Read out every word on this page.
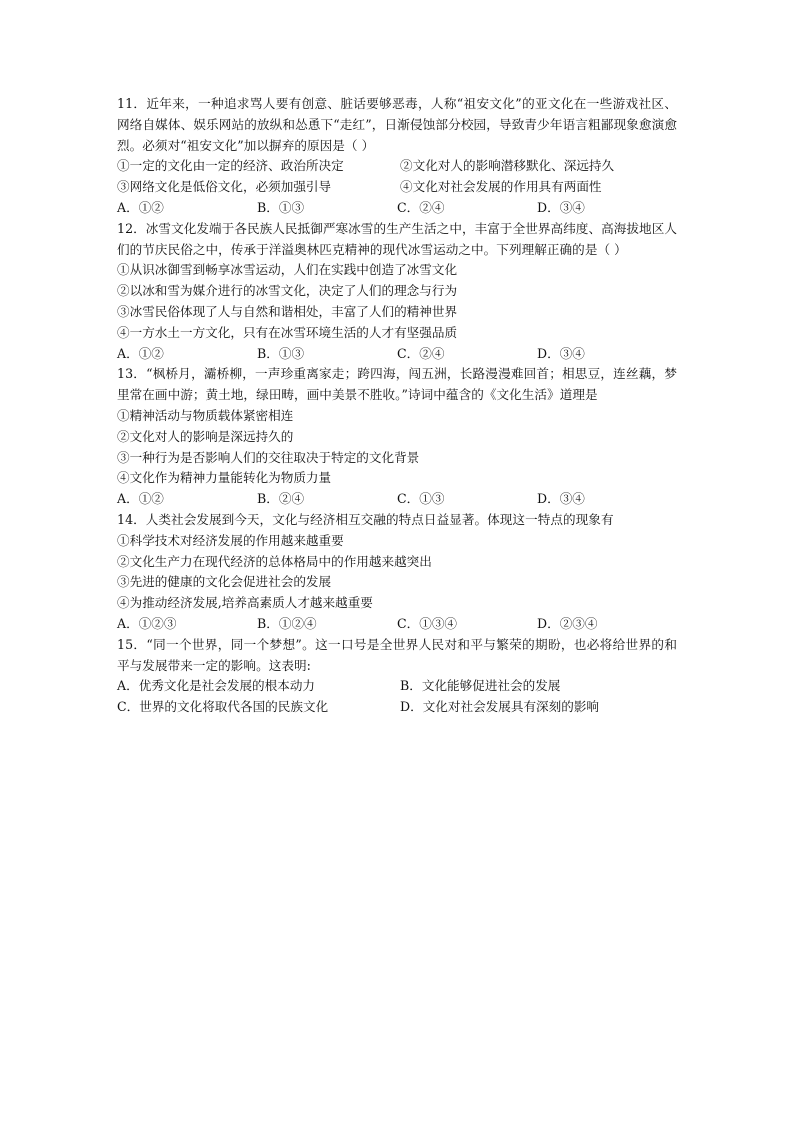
11．近年来，一种追求骂人要有创意、脏话要够恶毒，人称“祖安文化”的亚文化在一些游戏社区、网络自媒体、娱乐网站的放纵和怂恿下“走红”，日渐侵蚀部分校园，导致青少年语言粗鄙现象愈演愈烈。必须对“祖安文化”加以摒弃的原因是（ ）
①一定的文化由一定的经济、政治所决定	②文化对人的影响潜移默化、深远持久
③网络文化是低俗文化，必须加强引导	④文化对社会发展的作用具有两面性
A．①②	B．①③	C．②④	D．③④
12．冰雪文化发端于各民族人民抵御严寒冰雪的生产生活之中，丰富于全世界高纬度、高海拔地区人们的节庆民俗之中，传承于洋溢奥林匹克精神的现代冰雪运动之中。下列理解正确的是（ ）
①从识冰御雪到畅享冰雪运动，人们在实践中创造了冰雪文化
②以冰和雪为媒介进行的冰雪文化，决定了人们的理念与行为
③冰雪民俗体现了人与自然和谐相处，丰富了人们的精神世界
④一方水土一方文化，只有在冰雪环境生活的人才有坚强品质
A．①②	B．①③	C．②④	D．③④
13．“枫桥月，灞桥柳，一声珍重离家走；跨四海，闯五洲，长路漫漫难回首；相思豆，连丝藕，梦里常在画中游；黄土地，绿田畴，画中美景不胜收。”诗词中蕴含的《文化生活》道理是
①精神活动与物质载体紧密相连
②文化对人的影响是深远持久的
③一种行为是否影响人们的交往取决于特定的文化背景
④文化作为精神力量能转化为物质力量
A．①②	B．②④	C．①③	D．③④
14．人类社会发展到今天，文化与经济相互交融的特点日益显著。体现这一特点的现象有
①科学技术对经济发展的作用越来越重要
②文化生产力在现代经济的总体格局中的作用越来越突出
③先进的健康的文化会促进社会的发展
④为推动经济发展,培养高素质人才越来越重要
A．①②③	B．①②④	C．①③④	D．②③④
15．“同一个世界，同一个梦想”。这一口号是全世界人民对和平与繁荣的期盼，也必将给世界的和平与发展带来一定的影响。这表明:
A．优秀文化是社会发展的根本动力	B．文化能够促进社会的发展
C．世界的文化将取代各国的民族文化	D．文化对社会发展具有深刻的影响
